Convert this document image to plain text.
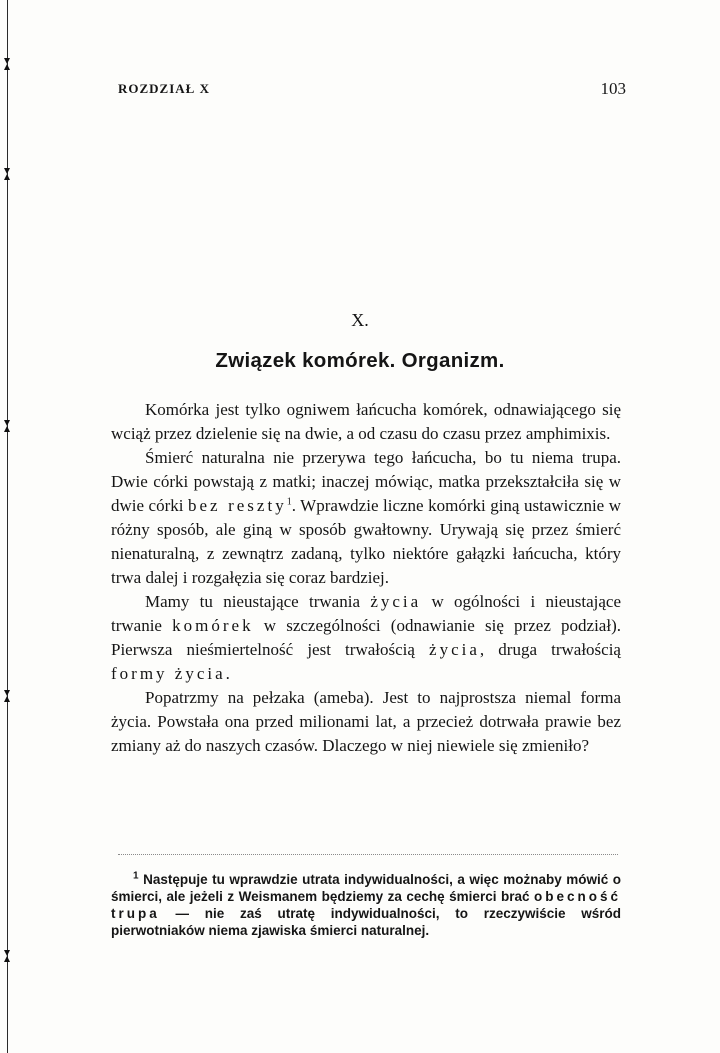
ROZDZIAŁ X	103
X.
Związek komórek. Organizm.

Komórka jest tylko ogniwem łańcucha komórek, odnawiającego się wciąż przez dzielenie się na dwie, a od czasu do czasu przez amphimixis.

Śmierć naturalna nie przerywa tego łańcucha, bo tu niema trupa. Dwie córki powstają z matki; inaczej mówiąc, matka przekształciła się w dwie córki bez reszty$^1$. Wprawdzie liczne komórki giną ustawicznie w różny sposób, ale giną w sposób gwałtowny. Urywają się przez śmierć nienaturalną, z zewnątrz zadaną, tylko niektóre gałązki łańcucha, który trwa dalej i rozgałęzia się coraz bardziej.

Mamy tu nieustające trwania życia w ogólności i nieustające trwanie komórek w szczególności (odnawianie się przez podział). Pierwsza nieśmiertelność jest trwałością życia, druga trwałością formy życia.

Popatrzmy na pełzaka (ameba). Jest to najprostsza niemal forma życia. Powstała ona przed milionami lat, a przecież dotrwała prawie bez zmiany aż do naszych czasów. Dlaczego w niej niewiele się zmieniło?

$^1$ Następuje tu wprawdzie utrata indywidualności, a więc możnaby mówić o śmierci, ale jeżeli z Weismanem będziemy za cechę śmierci brać obecność trupa — nie zaś utratę indywidualności, to rzeczywiście wśród pierwotniaków niema zjawiska śmierci naturalnej.
